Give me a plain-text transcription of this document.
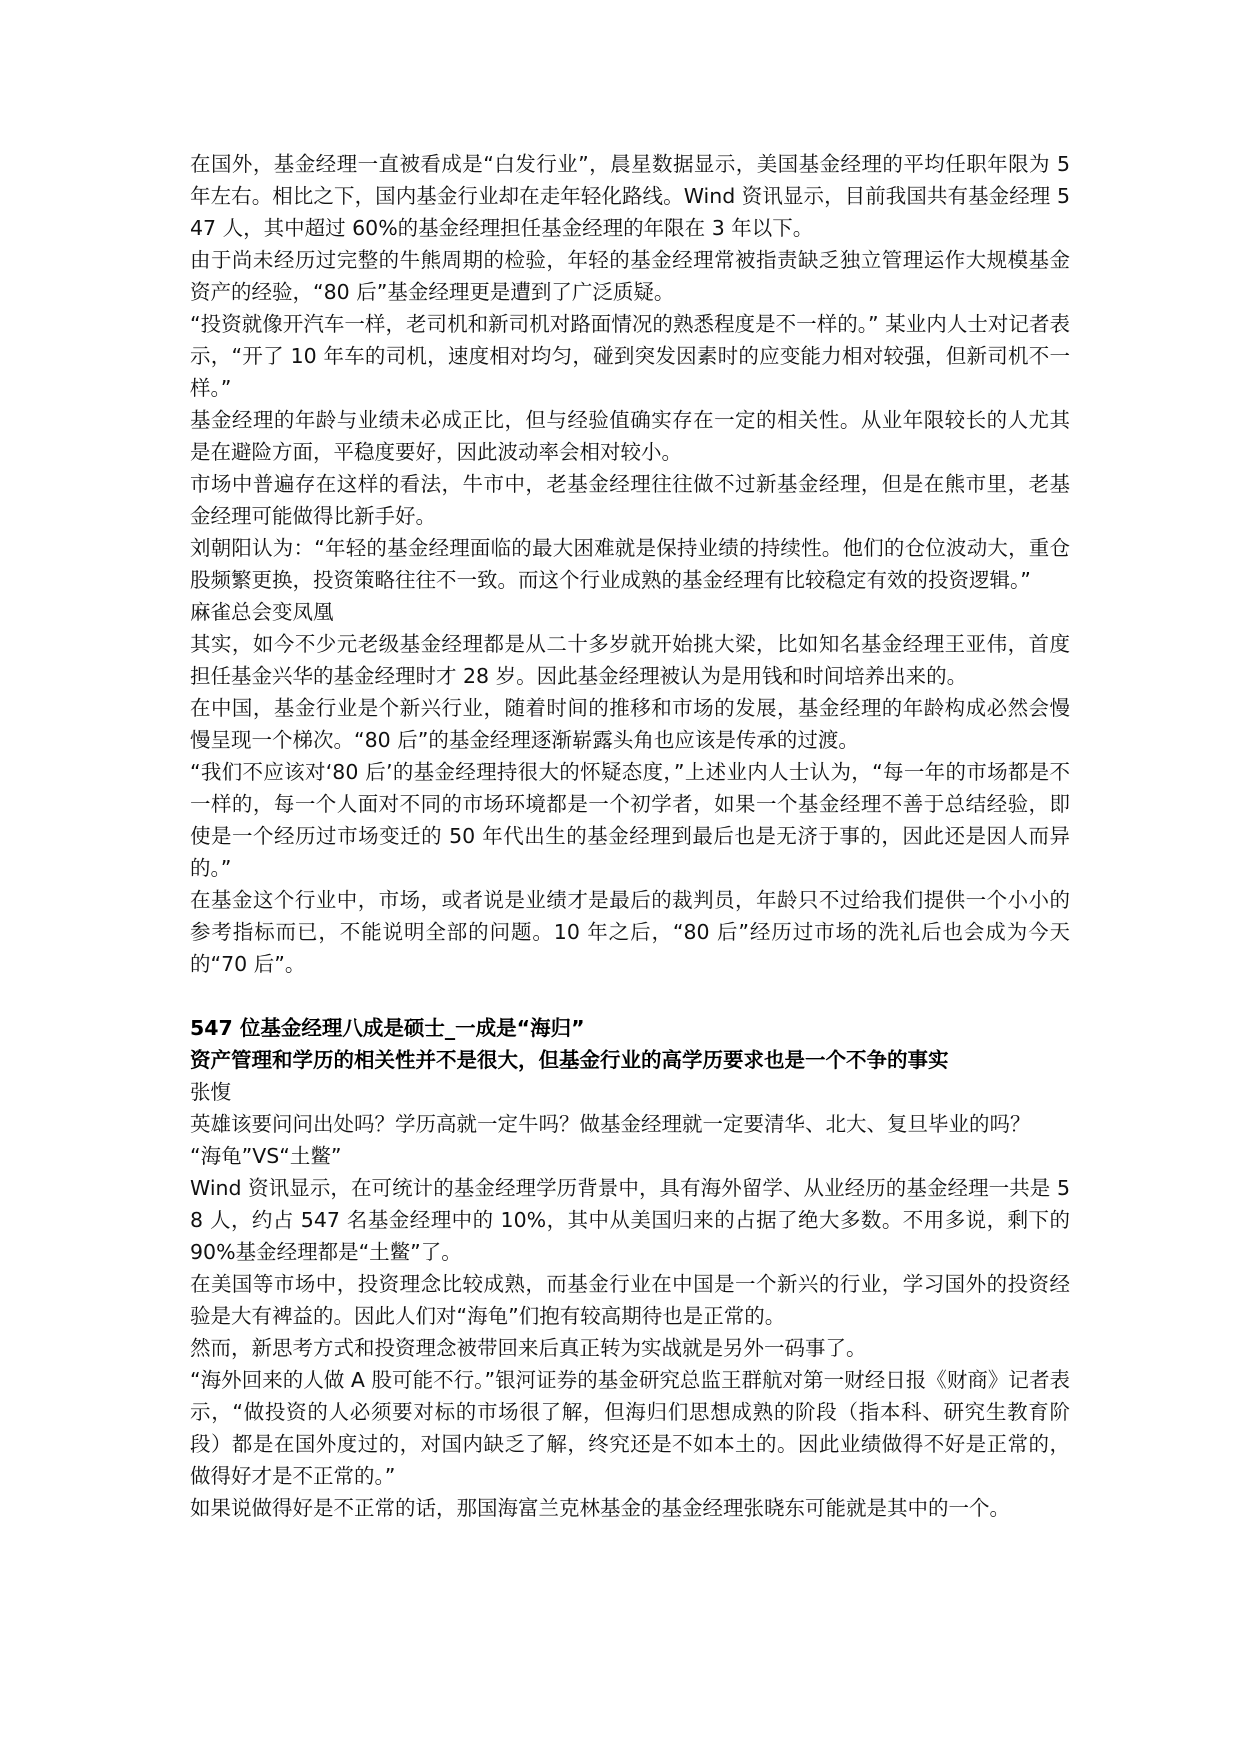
在国外，基金经理一直被看成是“白发行业”，晨星数据显示，美国基金经理的平均任职年限为 5 年左右。相比之下，国内基金行业却在走年轻化路线。Wind 资讯显示，目前我国共有基金经理 547 人，其中超过 60%的基金经理担任基金经理的年限在 3 年以下。

由于尚未经历过完整的牛熊周期的检验，年轻的基金经理常被指责缺乏独立管理运作大规模基金资产的经验，“80 后”基金经理更是遭到了广泛质疑。

“投资就像开汽车一样，老司机和新司机对路面情况的熟悉程度是不一样的。” 某业内人士对记者表示，“开了 10 年车的司机，速度相对均匀，碰到突发因素时的应变能力相对较强，但新司机不一样。”

基金经理的年龄与业绩未必成正比，但与经验值确实存在一定的相关性。从业年限较长的人尤其是在避险方面，平稳度要好，因此波动率会相对较小。

市场中普遍存在这样的看法，牛市中，老基金经理往往做不过新基金经理，但是在熊市里，老基金经理可能做得比新手好。

刘朝阳认为：“年轻的基金经理面临的最大困难就是保持业绩的持续性。他们的仓位波动大，重仓股频繁更换，投资策略往往不一致。而这个行业成熟的基金经理有比较稳定有效的投资逻辑。”

麻雀总会变凤凰

其实，如今不少元老级基金经理都是从二十多岁就开始挑大梁，比如知名基金经理王亚伟，首度担任基金兴华的基金经理时才 28 岁。因此基金经理被认为是用钱和时间培养出来的。

在中国，基金行业是个新兴行业，随着时间的推移和市场的发展，基金经理的年龄构成必然会慢慢呈现一个梯次。“80 后”的基金经理逐渐崭露头角也应该是传承的过渡。

“我们不应该对‘80 后’的基金经理持很大的怀疑态度，”上述业内人士认为，“每一年的市场都是不一样的，每一个人面对不同的市场环境都是一个初学者，如果一个基金经理不善于总结经验，即使是一个经历过市场变迁的 50 年代出生的基金经理到最后也是无济于事的，因此还是因人而异的。”

在基金这个行业中，市场，或者说是业绩才是最后的裁判员，年龄只不过给我们提供一个小小的参考指标而已，不能说明全部的问题。10 年之后，“80 后”经历过市场的洗礼后也会成为今天的“70 后”。

547 位基金经理八成是硕士_一成是“海归”

资产管理和学历的相关性并不是很大，但基金行业的高学历要求也是一个不争的事实

张愎

英雄该要问问出处吗？学历高就一定牛吗？做基金经理就一定要清华、北大、复旦毕业的吗？

“海龟”VS“土鳖”

Wind 资讯显示，在可统计的基金经理学历背景中，具有海外留学、从业经历的基金经理一共是 58 人，约占 547 名基金经理中的 10%，其中从美国归来的占据了绝大多数。不用多说，剩下的 90%基金经理都是“土鳖”了。

在美国等市场中，投资理念比较成熟，而基金行业在中国是一个新兴的行业，学习国外的投资经验是大有裨益的。因此人们对“海龟”们抱有较高期待也是正常的。

然而，新思考方式和投资理念被带回来后真正转为实战就是另外一码事了。

“海外回来的人做 A 股可能不行。”银河证券的基金研究总监王群航对第一财经日报《财商》记者表示，“做投资的人必须要对标的市场很了解，但海归们思想成熟的阶段（指本科、研究生教育阶段）都是在国外度过的，对国内缺乏了解，终究还是不如本土的。因此业绩做得不好是正常的，做得好才是不正常的。”

如果说做得好是不正常的话，那国海富兰克林基金的基金经理张晓东可能就是其中的一个。
